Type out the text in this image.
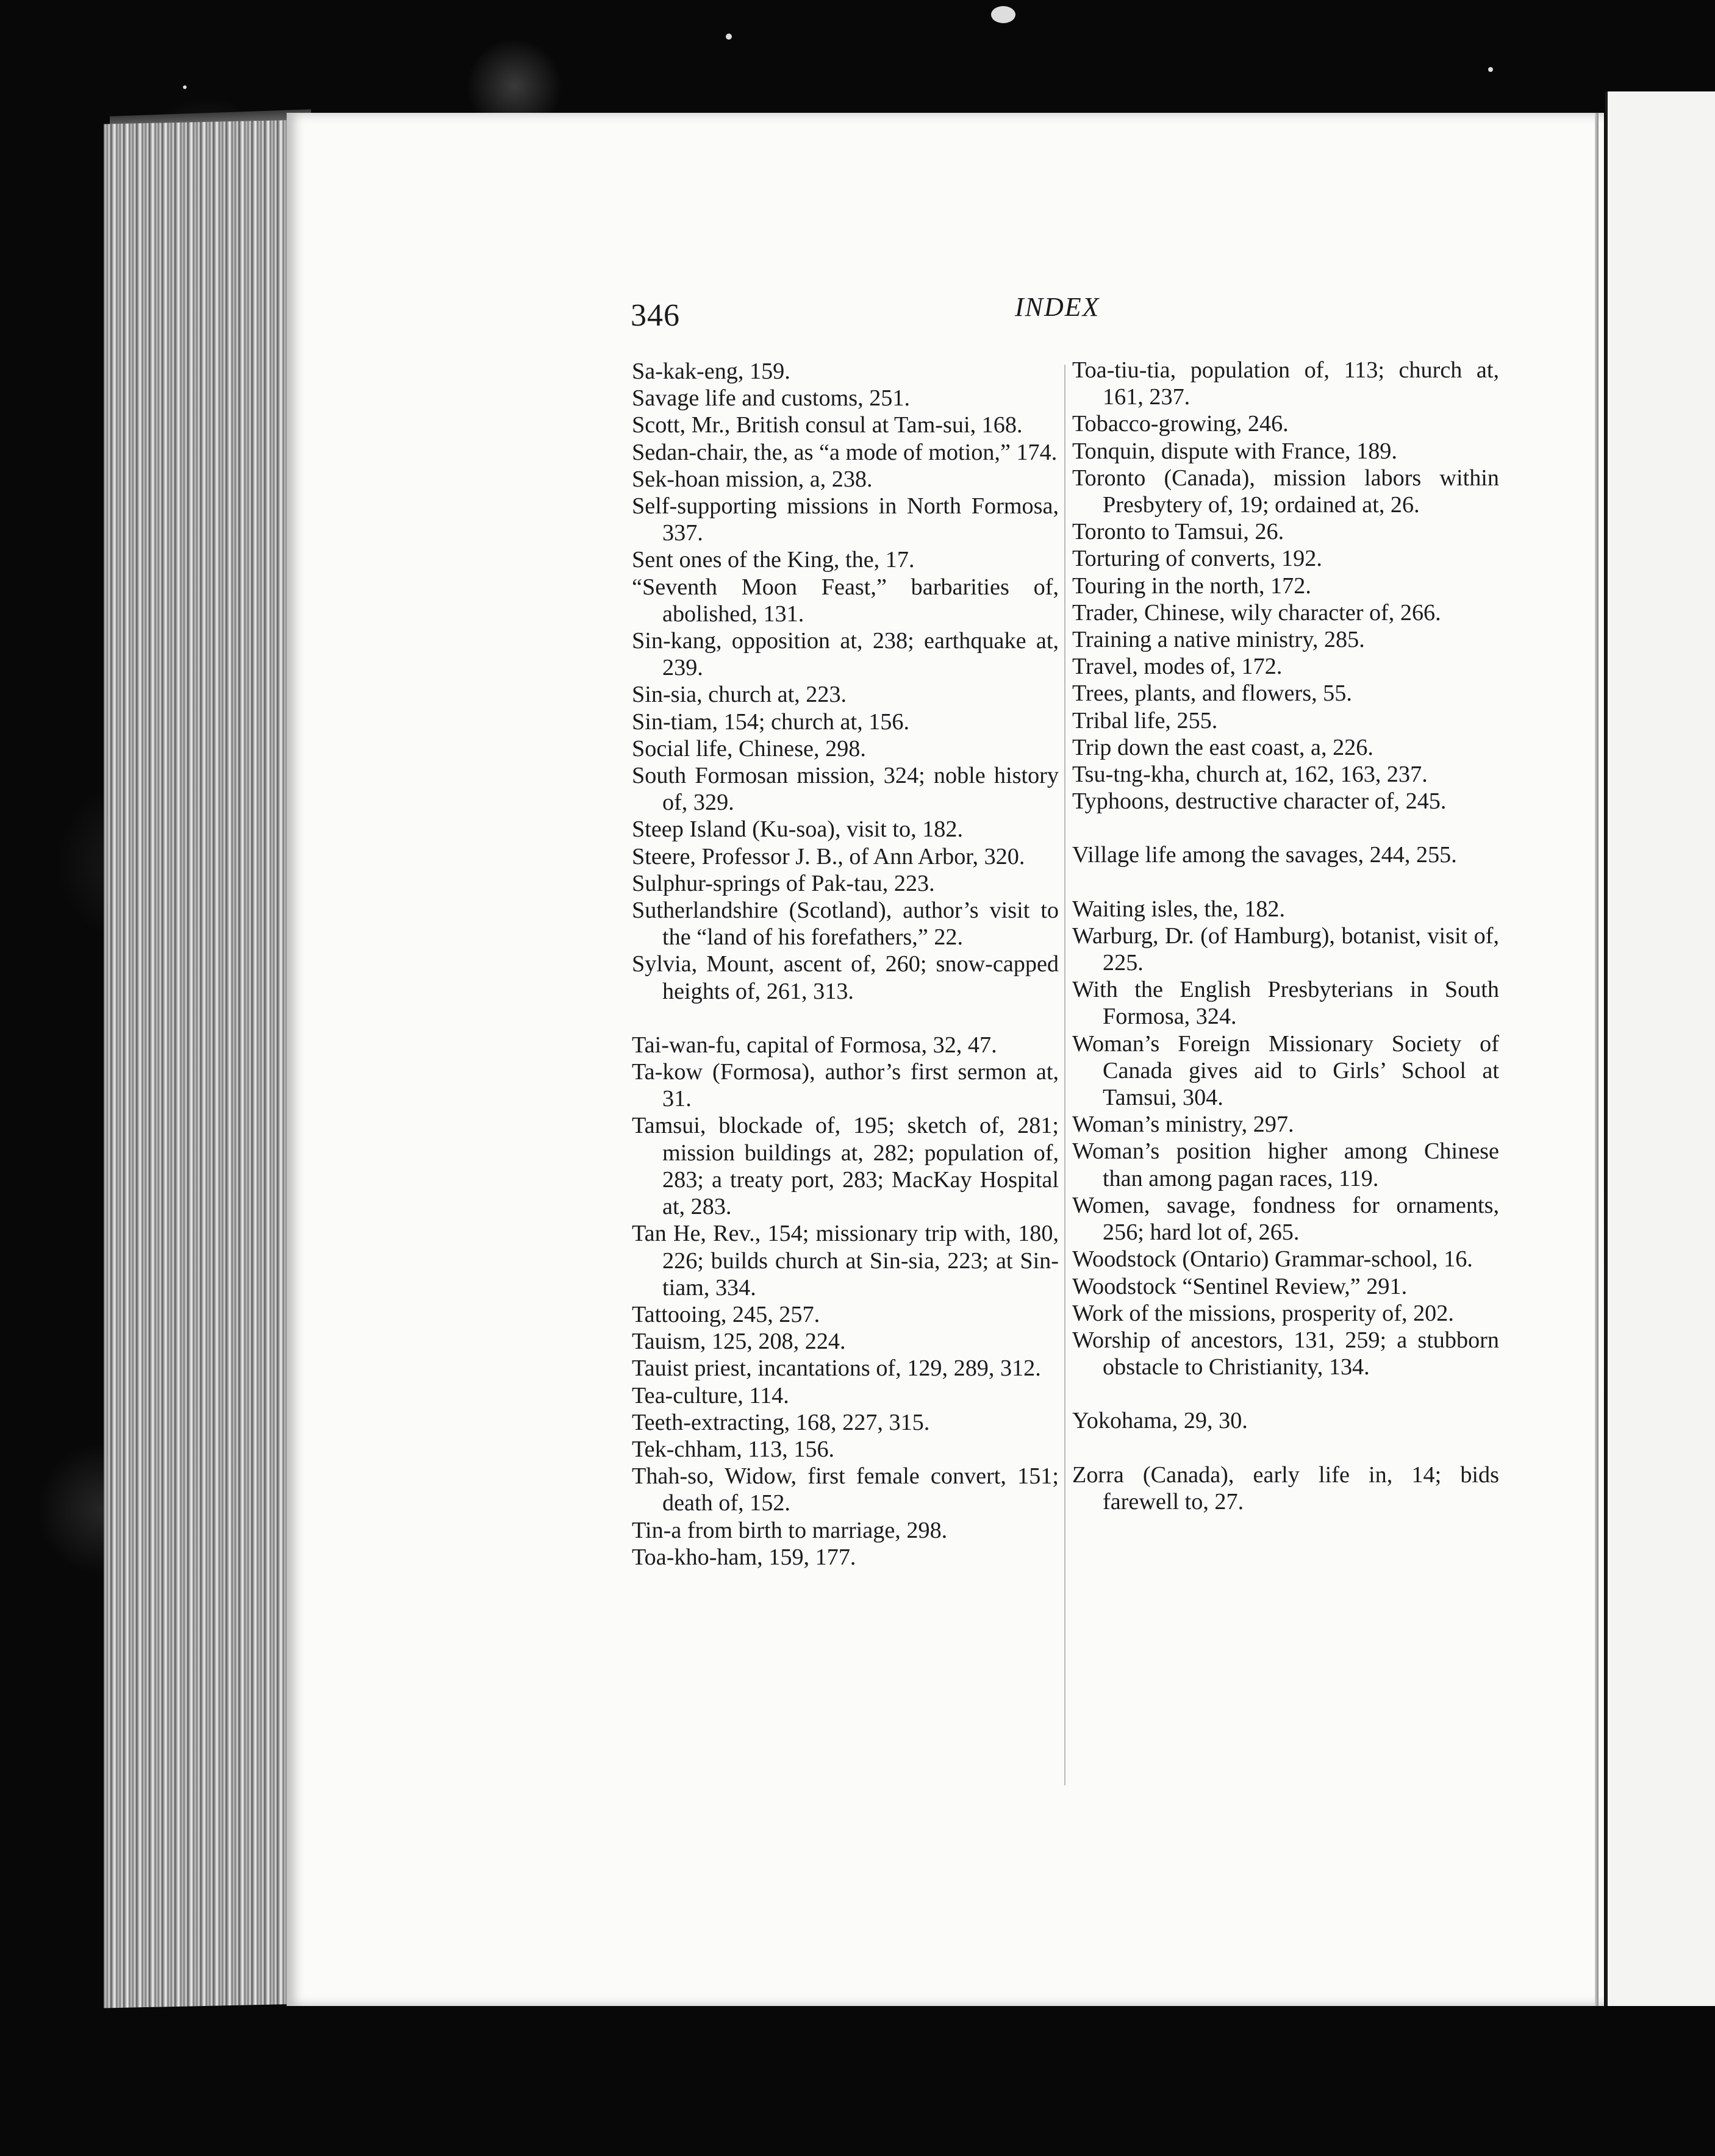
346	INDEX

Sa-kak-eng, 159.

Savage life and customs, 251.

Scott, Mr., British consul at Tam-sui, 168.

Sedan-chair, the, as “a mode of motion,” 174.

Sek-hoan mission, a, 238.

Self-supporting missions in North Formosa, 337.

Sent ones of the King, the, 17.

“Seventh Moon Feast,” barbarities of, abolished, 131.

Sin-kang, opposition at, 238; earthquake at, 239.

Sin-sia, church at, 223.

Sin-tiam, 154; church at, 156.

Social life, Chinese, 298.

South Formosan mission, 324; noble history of, 329.

Steep Island (Ku-soa), visit to, 182.

Steere, Professor J. B., of Ann Arbor, 320.

Sulphur-springs of Pak-tau, 223.

Sutherlandshire (Scotland), author’s visit to the “land of his forefathers,” 22.

Sylvia, Mount, ascent of, 260; snow-capped heights of, 261, 313.

Tai-wan-fu, capital of Formosa, 32, 47.

Ta-kow (Formosa), author’s first sermon at, 31.

Tamsui, blockade of, 195; sketch of, 281; mission buildings at, 282; population of, 283; a treaty port, 283; MacKay Hospital at, 283.

Tan He, Rev., 154; missionary trip with, 180, 226; builds church at Sin-sia, 223; at Sin-tiam, 334.

Tattooing, 245, 257.

Tauism, 125, 208, 224.

Tauist priest, incantations of, 129, 289, 312.

Tea-culture, 114.

Teeth-extracting, 168, 227, 315.

Tek-chham, 113, 156.

Thah-so, Widow, first female convert, 151; death of, 152.

Tin-a from birth to marriage, 298.

Toa-kho-ham, 159, 177.

Toa-tiu-tia, population of, 113; church at, 161, 237.

Tobacco-growing, 246.

Tonquin, dispute with France, 189.

Toronto (Canada), mission labors within Presbytery of, 19; ordained at, 26.

Toronto to Tamsui, 26.

Torturing of converts, 192.

Touring in the north, 172.

Trader, Chinese, wily character of, 266.

Training a native ministry, 285.

Travel, modes of, 172.

Trees, plants, and flowers, 55.

Tribal life, 255.

Trip down the east coast, a, 226.

Tsu-tng-kha, church at, 162, 163, 237.

Typhoons, destructive character of, 245.

Village life among the savages, 244, 255.

Waiting isles, the, 182.

Warburg, Dr. (of Hamburg), botanist, visit of, 225.

With the English Presbyterians in South Formosa, 324.

Woman’s Foreign Missionary Society of Canada gives aid to Girls’ School at Tamsui, 304.

Woman’s ministry, 297.

Woman’s position higher among Chinese than among pagan races, 119.

Women, savage, fondness for ornaments, 256; hard lot of, 265.

Woodstock (Ontario) Grammar-school, 16.

Woodstock “Sentinel Review,” 291.

Work of the missions, prosperity of, 202.

Worship of ancestors, 131, 259; a stubborn obstacle to Christianity, 134.

Yokohama, 29, 30.

Zorra (Canada), early life in, 14; bids farewell to, 27.
